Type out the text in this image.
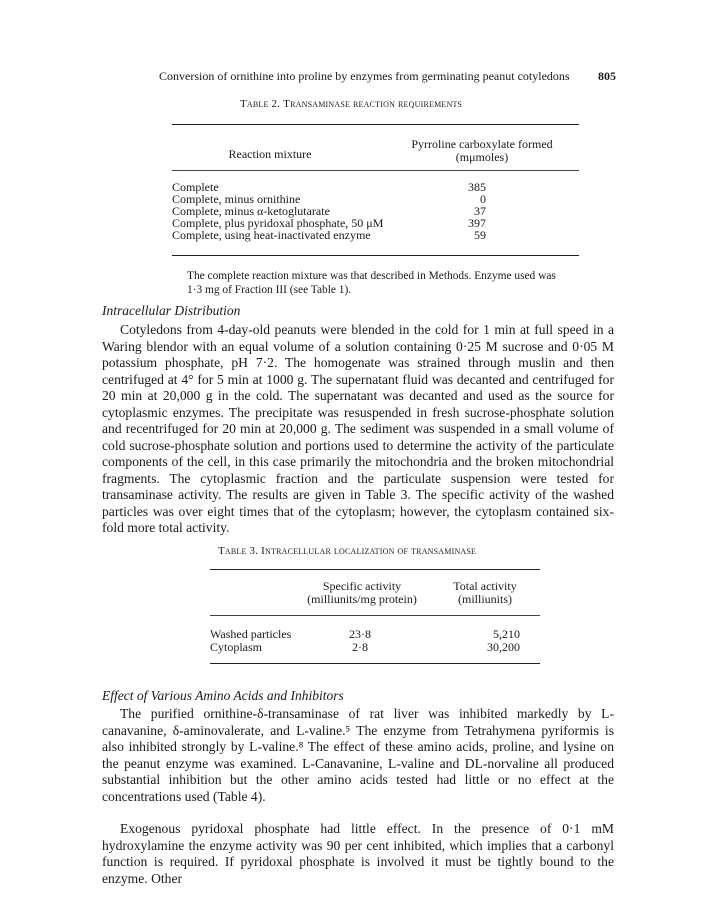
Conversion of ornithine into proline by enzymes from germinating peanut cotyledons	805
Table 2. Transaminase reaction requirements
Reaction mixture
Pyrroline carboxylate formed
(mμmoles)
Complete	385
Complete, minus ornithine	0
Complete, minus α-ketoglutarate	37
Complete, plus pyridoxal phosphate, 50 μM	397
Complete, using heat-inactivated enzyme	59
The complete reaction mixture was that described in Methods. Enzyme used was 1·3 mg of Fraction III (see Table 1).
Intracellular Distribution
Cotyledons from 4-day-old peanuts were blended in the cold for 1 min at full speed in a Waring blendor with an equal volume of a solution containing 0·25 M sucrose and 0·05 M potassium phosphate, pH 7·2. The homogenate was strained through muslin and then centrifuged at 4° for 5 min at 1000 g. The supernatant fluid was decanted and centrifuged for 20 min at 20,000 g in the cold. The supernatant was decanted and used as the source for cytoplasmic enzymes. The precipitate was resuspended in fresh sucrose-phosphate solution and recentrifuged for 20 min at 20,000 g. The sediment was suspended in a small volume of cold sucrose-phosphate solution and portions used to determine the activity of the particulate components of the cell, in this case primarily the mitochondria and the broken mitochondrial fragments. The cytoplasmic fraction and the particulate suspension were tested for transaminase activity. The results are given in Table 3. The specific activity of the washed particles was over eight times that of the cytoplasm; however, the cytoplasm contained six-fold more total activity.
Table 3. Intracellular localization of transaminase
Specific activity
(milliunits/mg protein)
Total activity
(milliunits)
Washed particles	23·8	5,210
Cytoplasm	2·8	30,200
Effect of Various Amino Acids and Inhibitors
The purified ornithine-δ-transaminase of rat liver was inhibited markedly by L-canavanine, δ-aminovalerate, and L-valine.⁵ The enzyme from Tetrahymena pyriformis is also inhibited strongly by L-valine.⁸ The effect of these amino acids, proline, and lysine on the peanut enzyme was examined. L-Canavanine, L-valine and DL-norvaline all produced substantial inhibition but the other amino acids tested had little or no effect at the concentrations used (Table 4).
Exogenous pyridoxal phosphate had little effect. In the presence of 0·1 mM hydroxylamine the enzyme activity was 90 per cent inhibited, which implies that a carbonyl function is required. If pyridoxal phosphate is involved it must be tightly bound to the enzyme. Other
